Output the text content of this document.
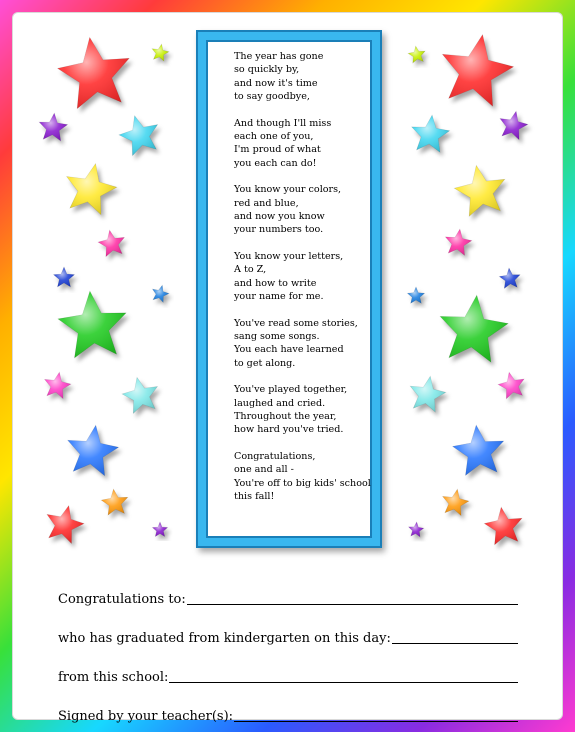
The year has gone
so quickly by,
and now it's time
to say goodbye,
And though I'll miss
each one of you,
I'm proud of what
you each can do!
You know your colors,
red and blue,
and now you know
your numbers too.
You know your letters,
A to Z,
and how to write
your name for me.
You've read some stories,
sang some songs.
You each have learned
to get along.
You've played together,
laughed and cried.
Throughout the year,
how hard you've tried.
Congratulations,
one and all -
You're off to big kids' school
this fall!
Congratulations to:
who has graduated from kindergarten on this day:
from this school:
Signed by your teacher(s):
